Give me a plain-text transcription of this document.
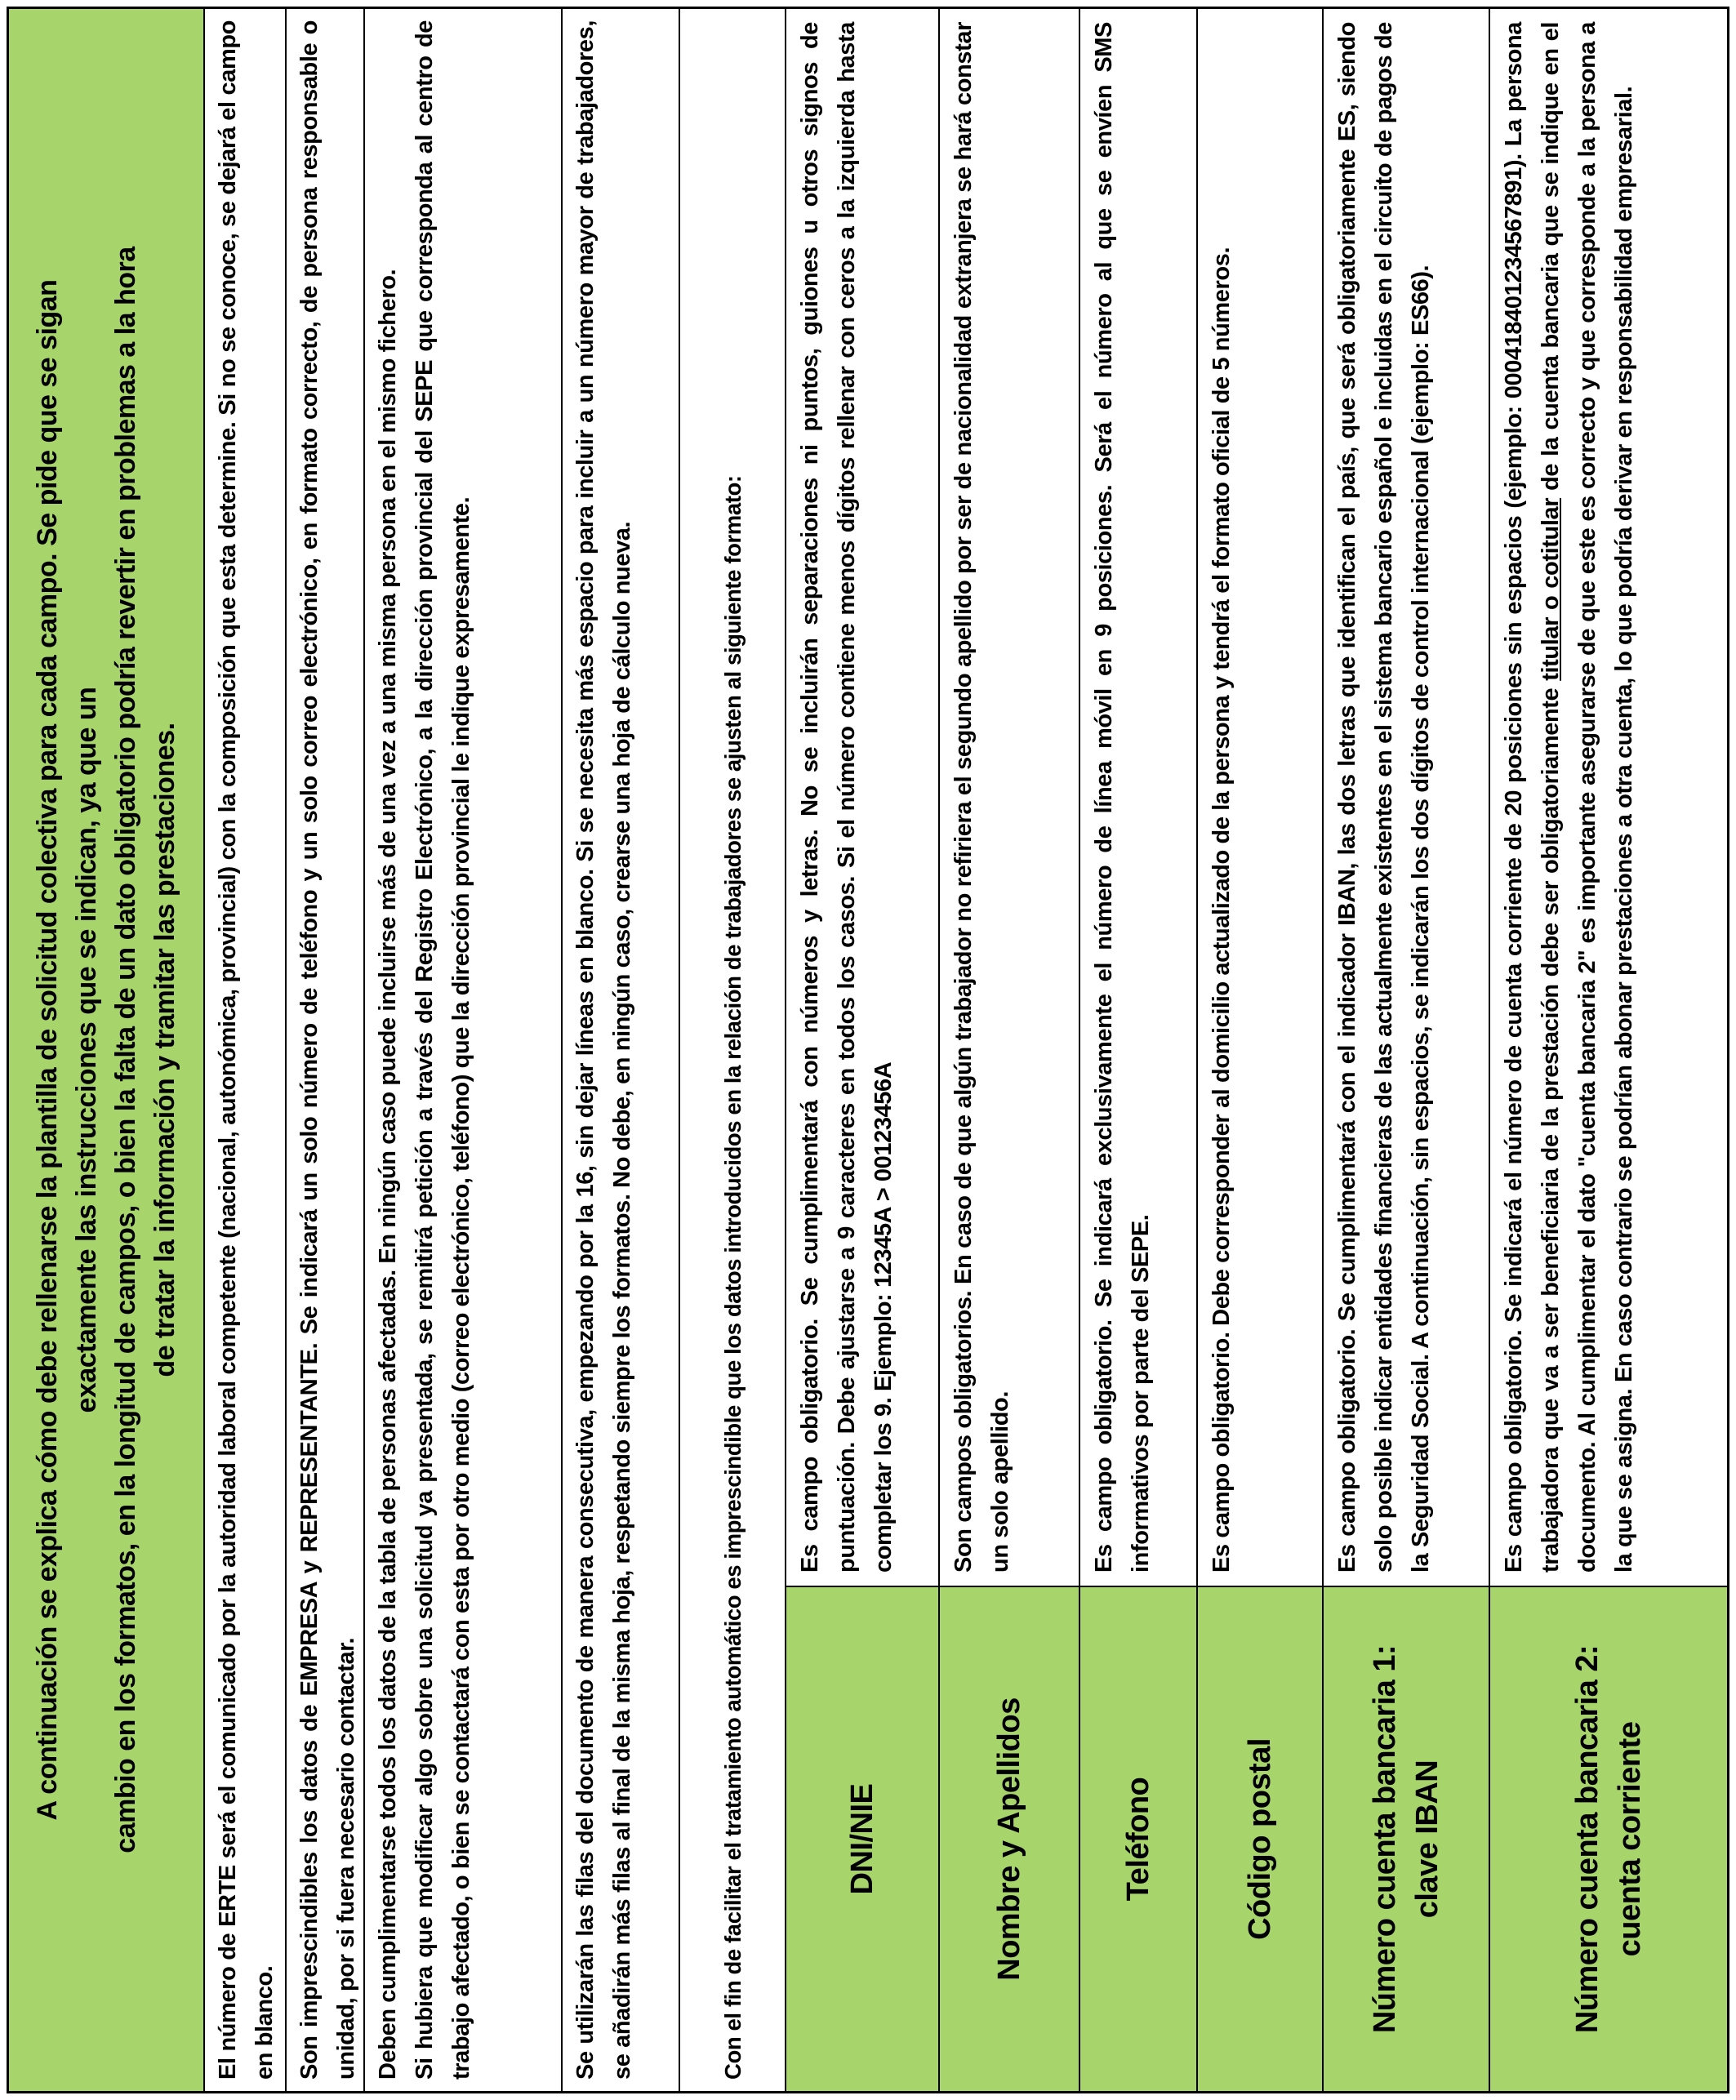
A continuación se explica cómo debe rellenarse la plantilla de solicitud colectiva para cada campo. Se pide que se sigan exactamente las instrucciones que se indican, ya que un cambio en los formatos, en la longitud de campos, o bien la falta de un dato obligatorio podría revertir en problemas a la hora de tratar la información y tramitar las prestaciones. El número de ERTE será el comunicado por la autoridad laboral competente (nacional, autonómica, provincial) con la composición que esta determine. Si no se conoce, se dejará el campo en blanco. Son imprescindibles los datos de EMPRESA y REPRESENTANTE. Se indicará un solo número de teléfono y un solo correo electrónico, en formato correcto, de persona responsable o unidad, por si fuera necesario contactar. Deben cumplimentarse todos los datos de la tabla de personas afectadas. En ningún caso puede incluirse más de una vez a una misma persona en el mismo fichero. Si hubiera que modificar algo sobre una solicitud ya presentada, se remitirá petición a través del Registro Electrónico, a la dirección provincial del SEPE que corresponda al centro de trabajo afectado, o bien se contactará con esta por otro medio (correo electrónico, teléfono) que la dirección provincial le indique expresamente.	Se utilizarán las filas del documento de manera consecutiva, empezando por la 16, sin dejar líneas en blanco. Si se necesita más espacio para incluir a un número mayor de trabajadores, se añadirán más filas al final de la misma hoja, respetando siempre los formatos. No debe, en ningún caso, crearse una hoja de cálculo nueva.	Con el fin de facilitar el tratamiento automático es imprescindible que los datos introducidos en la relación de trabajadores se ajusten al siguiente formato:	DNI/NIE

Es campo obligatorio. Se cumplimentará con números y letras. No se incluirán separaciones ni puntos, guiones u otros signos de puntuación. Debe ajustarse a 9 caracteres en todos los casos. Si el número contiene menos dígitos rellenar con ceros a la izquierda hasta completar los 9. Ejemplo: 12345A > 00123456A

Nombre y Apellidos

Son campos obligatorios. En caso de que algún trabajador no refiriera el segundo apellido por ser de nacionalidad extranjera se hará constar un solo apellido.

Teléfono

Es campo obligatorio. Se indicará exclusivamente el número de línea móvil en 9 posiciones. Será el número al que se envíen SMS informativos por parte del SEPE.

Código postal

Es campo obligatorio. Debe corresponder al domicilio actualizado de la persona y tendrá el formato oficial de 5 números.

Número cuenta bancaria 1: clave IBAN

Es campo obligatorio. Se cumplimentará con el indicador IBAN, las dos letras que identifican el país, que será obligatoriamente ES, siendo solo posible indicar entidades financieras de las actualmente existentes en el sistema bancario español e incluidas en el circuito de pagos de la Seguridad Social. A continuación, sin espacios, se indicarán los dos dígitos de control internacional (ejemplo: ES66).

Número cuenta bancaria 2: cuenta corriente

Es campo obligatorio. Se indicará el número de cuenta corriente de 20 posiciones sin espacios (ejemplo: 000418401234567891). La persona trabajadora que va a ser beneficiaria de la prestación debe ser obligatoriamente titular o cotitular de la cuenta bancaria que se indique en el documento. Al cumplimentar el dato "cuenta bancaria 2" es importante asegurarse de que este es correcto y que corresponde a la persona a la que se asigna. En caso contrario se podrían abonar prestaciones a otra cuenta, lo que podría derivar en responsabilidad empresarial.
